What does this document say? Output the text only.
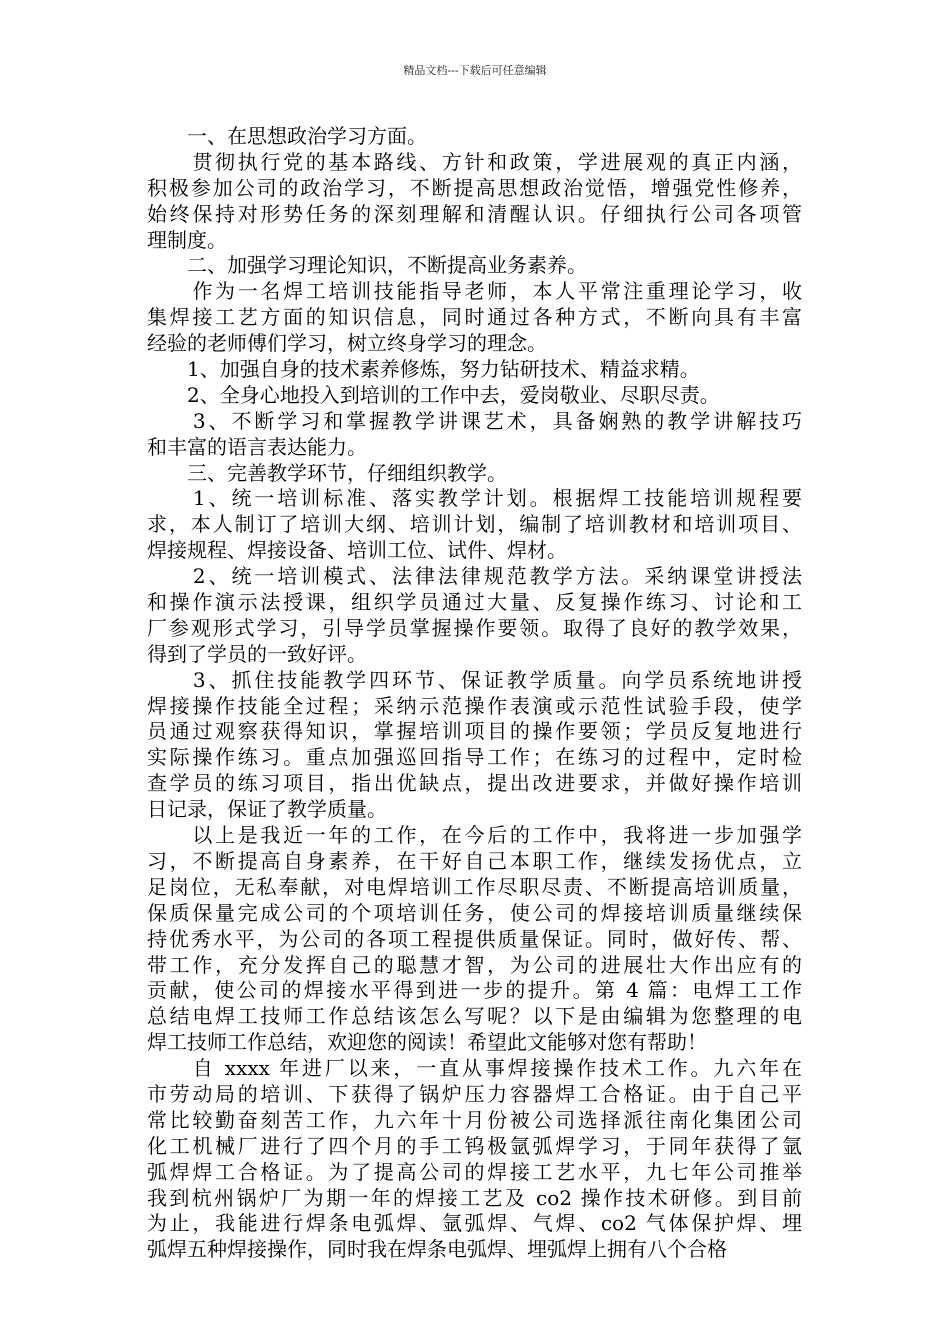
精品文档---下载后可任意编辑
　　一、在思想政治学习方面。
　　贯彻执行党的基本路线、方针和政策，学进展观的真正内涵，
积极参加公司的政治学习，不断提高思想政治觉悟，增强党性修养，
始终保持对形势任务的深刻理解和清醒认识。仔细执行公司各项管
理制度。
　　二、加强学习理论知识，不断提高业务素养。
　　作为一名焊工培训技能指导老师，本人平常注重理论学习，收
集焊接工艺方面的知识信息，同时通过各种方式，不断向具有丰富
经验的老师傅们学习，树立终身学习的理念。
　　1、加强自身的技术素养修炼，努力钻研技术、精益求精。
　　2、全身心地投入到培训的工作中去，爱岗敬业、尽职尽责。
　　3、不断学习和掌握教学讲课艺术，具备娴熟的教学讲解技巧
和丰富的语言表达能力。
　　三、完善教学环节，仔细组织教学。
　　1、统一培训标准、落实教学计划。根据焊工技能培训规程要
求，本人制订了培训大纲、培训计划，编制了培训教材和培训项目、
焊接规程、焊接设备、培训工位、试件、焊材。
　　2、统一培训模式、法律法律规范教学方法。采纳课堂讲授法
和操作演示法授课，组织学员通过大量、反复操作练习、讨论和工
厂参观形式学习，引导学员掌握操作要领。取得了良好的教学效果，
得到了学员的一致好评。
　　3、抓住技能教学四环节、保证教学质量。向学员系统地讲授
焊接操作技能全过程；采纳示范操作表演或示范性试验手段，使学
员通过观察获得知识，掌握培训项目的操作要领；学员反复地进行
实际操作练习。重点加强巡回指导工作；在练习的过程中，定时检
查学员的练习项目，指出优缺点，提出改进要求，并做好操作培训
日记录，保证了教学质量。
　　以上是我近一年的工作，在今后的工作中，我将进一步加强学
习，不断提高自身素养，在干好自己本职工作，继续发扬优点，立
足岗位，无私奉献，对电焊培训工作尽职尽责、不断提高培训质量，
保质保量完成公司的个项培训任务，使公司的焊接培训质量继续保
持优秀水平，为公司的各项工程提供质量保证。同时，做好传、帮、
带工作，充分发挥自己的聪慧才智，为公司的进展壮大作出应有的
贡献，使公司的焊接水平得到进一步的提升。第 4 篇：电焊工工作
总结电焊工技师工作总结该怎么写呢？以下是由编辑为您整理的电
焊工技师工作总结，欢迎您的阅读！希望此文能够对您有帮助！
　　自 xxxx 年进厂以来，一直从事焊接操作技术工作。九六年在
市劳动局的培训、下获得了锅炉压力容器焊工合格证。由于自己平
常比较勤奋刻苦工作，九六年十月份被公司选择派往南化集团公司
化工机械厂进行了四个月的手工钨极氩弧焊学习，于同年获得了氩
弧焊焊工合格证。为了提高公司的焊接工艺水平，九七年公司推举
我到杭州锅炉厂为期一年的焊接工艺及 co2 操作技术研修。到目前
为止，我能进行焊条电弧焊、氩弧焊、气焊、co2 气体保护焊、埋
弧焊五种焊接操作，同时我在焊条电弧焊、埋弧焊上拥有八个合格
